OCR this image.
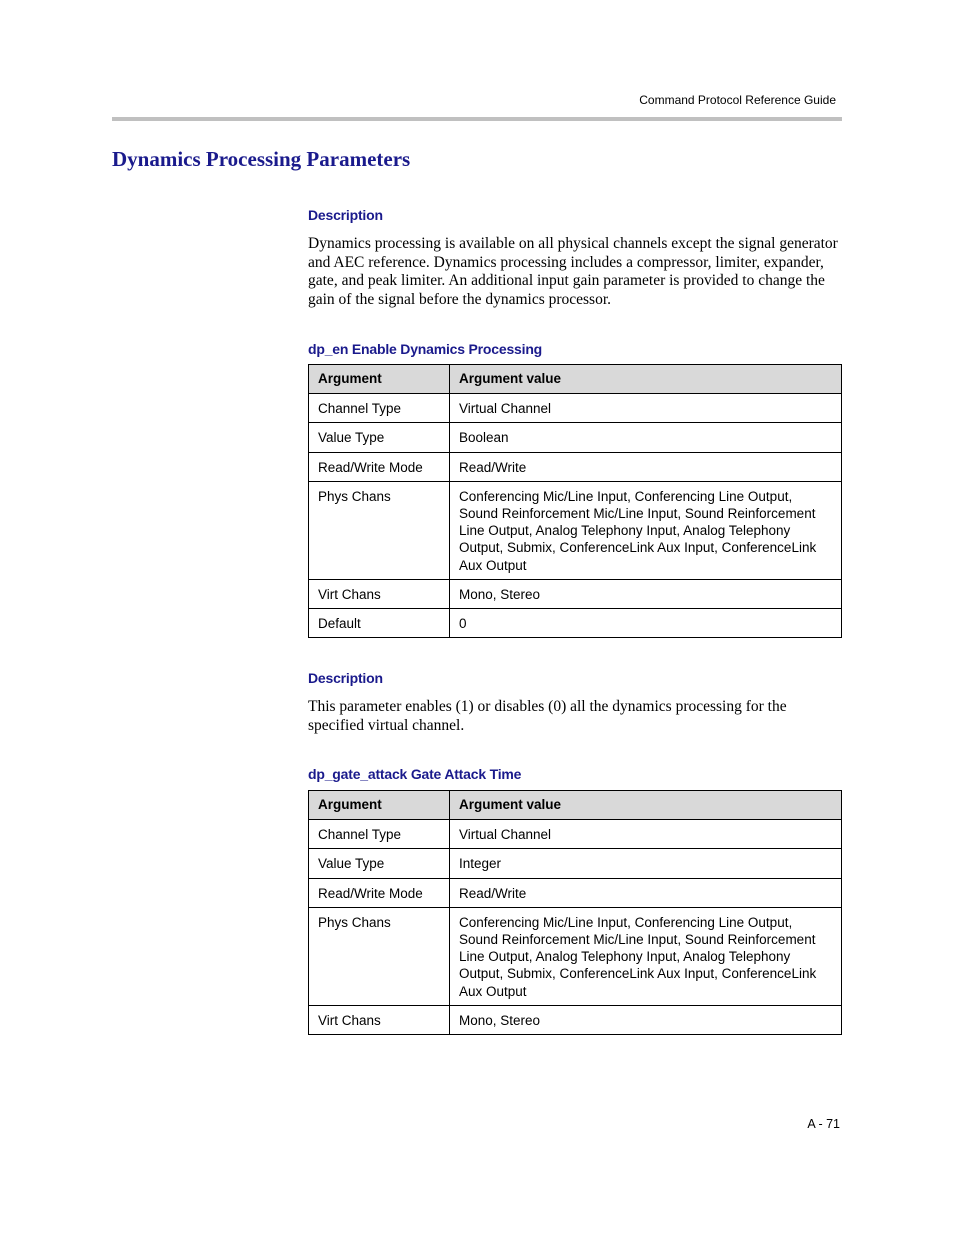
Command Protocol Reference Guide
Dynamics Processing Parameters
Description
Dynamics processing is available on all physical channels except the signal generator and AEC reference. Dynamics processing includes a compressor, limiter, expander, gate, and peak limiter. An additional input gain parameter is provided to change the gain of the signal before the dynamics processor.
dp_en Enable Dynamics Processing
Argument	Argument value
Channel Type	Virtual Channel
Value Type	Boolean
Read/Write Mode	Read/Write
Phys Chans	Conferencing Mic/Line Input, Conferencing Line Output, Sound Reinforcement Mic/Line Input, Sound Reinforcement Line Output, Analog Telephony Input, Analog Telephony Output, Submix, ConferenceLink Aux Input, ConferenceLink Aux Output
Virt Chans	Mono, Stereo
Default	0
Description
This parameter enables (1) or disables (0) all the dynamics processing for the specified virtual channel.
dp_gate_attack Gate Attack Time
Argument	Argument value
Channel Type	Virtual Channel
Value Type	Integer
Read/Write Mode	Read/Write
Phys Chans	Conferencing Mic/Line Input, Conferencing Line Output, Sound Reinforcement Mic/Line Input, Sound Reinforcement Line Output, Analog Telephony Input, Analog Telephony Output, Submix, ConferenceLink Aux Input, ConferenceLink Aux Output
Virt Chans	Mono, Stereo
A - 71
